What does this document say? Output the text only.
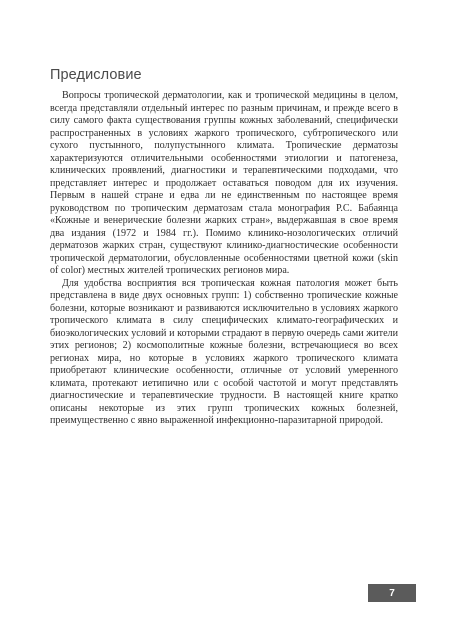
Предисловие

Вопросы тропической дерматологии, как и тропической медицины в целом, всегда представляли отдельный интерес по разным причинам, и прежде всего в силу самого факта существования группы кожных заболеваний, специфически распространенных в условиях жаркого тропического, субтропического или сухого пустынного, полупустынного климата. Тропические дерматозы характеризуются отличительными особенностями этиологии и патогенеза, клинических проявлений, диагностики и терапевтическими подходами, что представляет интерес и продолжает оставаться поводом для их изучения. Первым в нашей стране и едва ли не единственным по настоящее время руководством по тропическим дерматозам стала монография Р.С. Бабаянца «Кожные и венерические болезни жарких стран», выдержавшая в свое время два издания (1972 и 1984 гг.). Помимо клинико-нозологических отличий дерматозов жарких стран, существуют клинико-диагностические особенности тропической дерматологии, обусловленные особенностями цветной кожи (skin of color) местных жителей тропических регионов мира.

Для удобства восприятия вся тропическая кожная патология может быть представлена в виде двух основных групп: 1) собственно тропические кожные болезни, которые возникают и развиваются исключительно в условиях жаркого тропического климата в силу специфических климато-географических и биоэкологических условий и которыми страдают в первую очередь сами жители этих регионов; 2) космополитные кожные болезни, встречающиеся во всех регионах мира, но которые в условиях жаркого тропического климата приобретают клинические особенности, отличные от условий умеренного климата, протекают иетипично или с особой частотой и могут представлять диагностические и терапевтические трудности. В настоящей книге кратко описаны некоторые из этих групп тропических кожных болезней, преимущественно с явно выраженной инфекционно-паразитарной природой.

7
